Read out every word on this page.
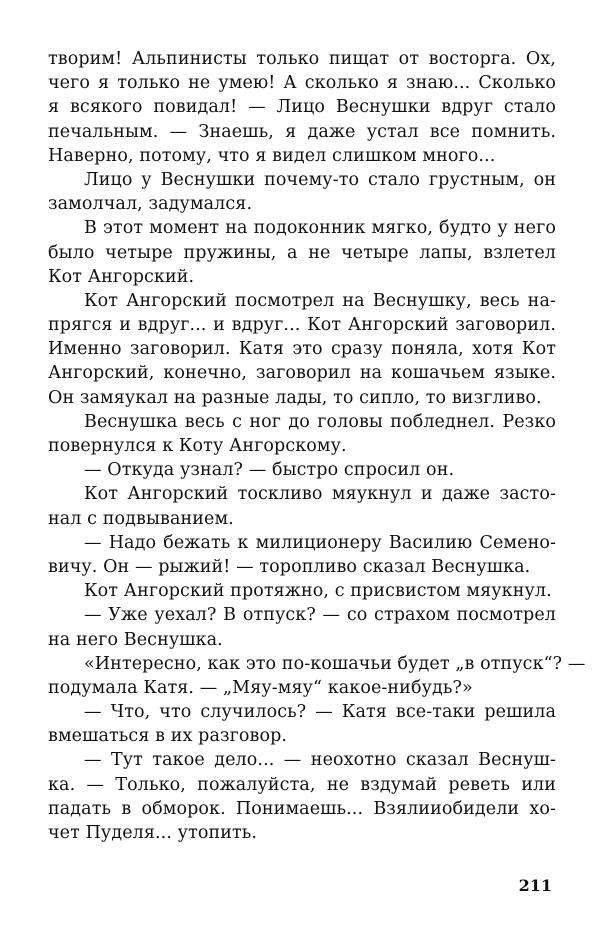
творим! Альпинисты только пищат от восторга. Ох,
чего я только не умею! А сколько я знаю... Сколько
я всякого повидал! — Лицо Веснушки вдруг стало
печальным. — Знаешь, я даже устал все помнить.
Наверно, потому, что я видел слишком много...
Лицо у Веснушки почему-то стало грустным, он
замолчал, задумался.
В этот момент на подоконник мягко, будто у него
было четыре пружины, а не четыре лапы, взлетел
Кот Ангорский.
Кот Ангорский посмотрел на Веснушку, весь на-
прягся и вдруг... и вдруг... Кот Ангорский заговорил.
Именно заговорил. Катя это сразу поняла, хотя Кот
Ангорский, конечно, заговорил на кошачьем языке.
Он замяукал на разные лады, то сипло, то визгливо.
Веснушка весь с ног до головы побледнел. Резко
повернулся к Коту Ангорскому.
— Откуда узнал? — быстро спросил он.
Кот Ангорский тоскливо мяукнул и даже засто-
нал с подвыванием.
— Надо бежать к милиционеру Василию Семено-
вичу. Он — рыжий! — торопливо сказал Веснушка.
Кот Ангорский протяжно, с присвистом мяукнул.
— Уже уехал? В отпуск? — со страхом посмотрел
на него Веснушка.
«Интересно, как это по-кошачьи будет „в отпуск“? —
подумала Катя. — „Мяу-мяу“ какое-нибудь?»
— Что, что случилось? — Катя все-таки решила
вмешаться в их разговор.
— Тут такое дело... — неохотно сказал Веснуш-
ка. — Только, пожалуйста, не вздумай реветь или
падать в обморок. Понимаешь... Взялииобидели хо-
чет Пуделя... утопить.
211
